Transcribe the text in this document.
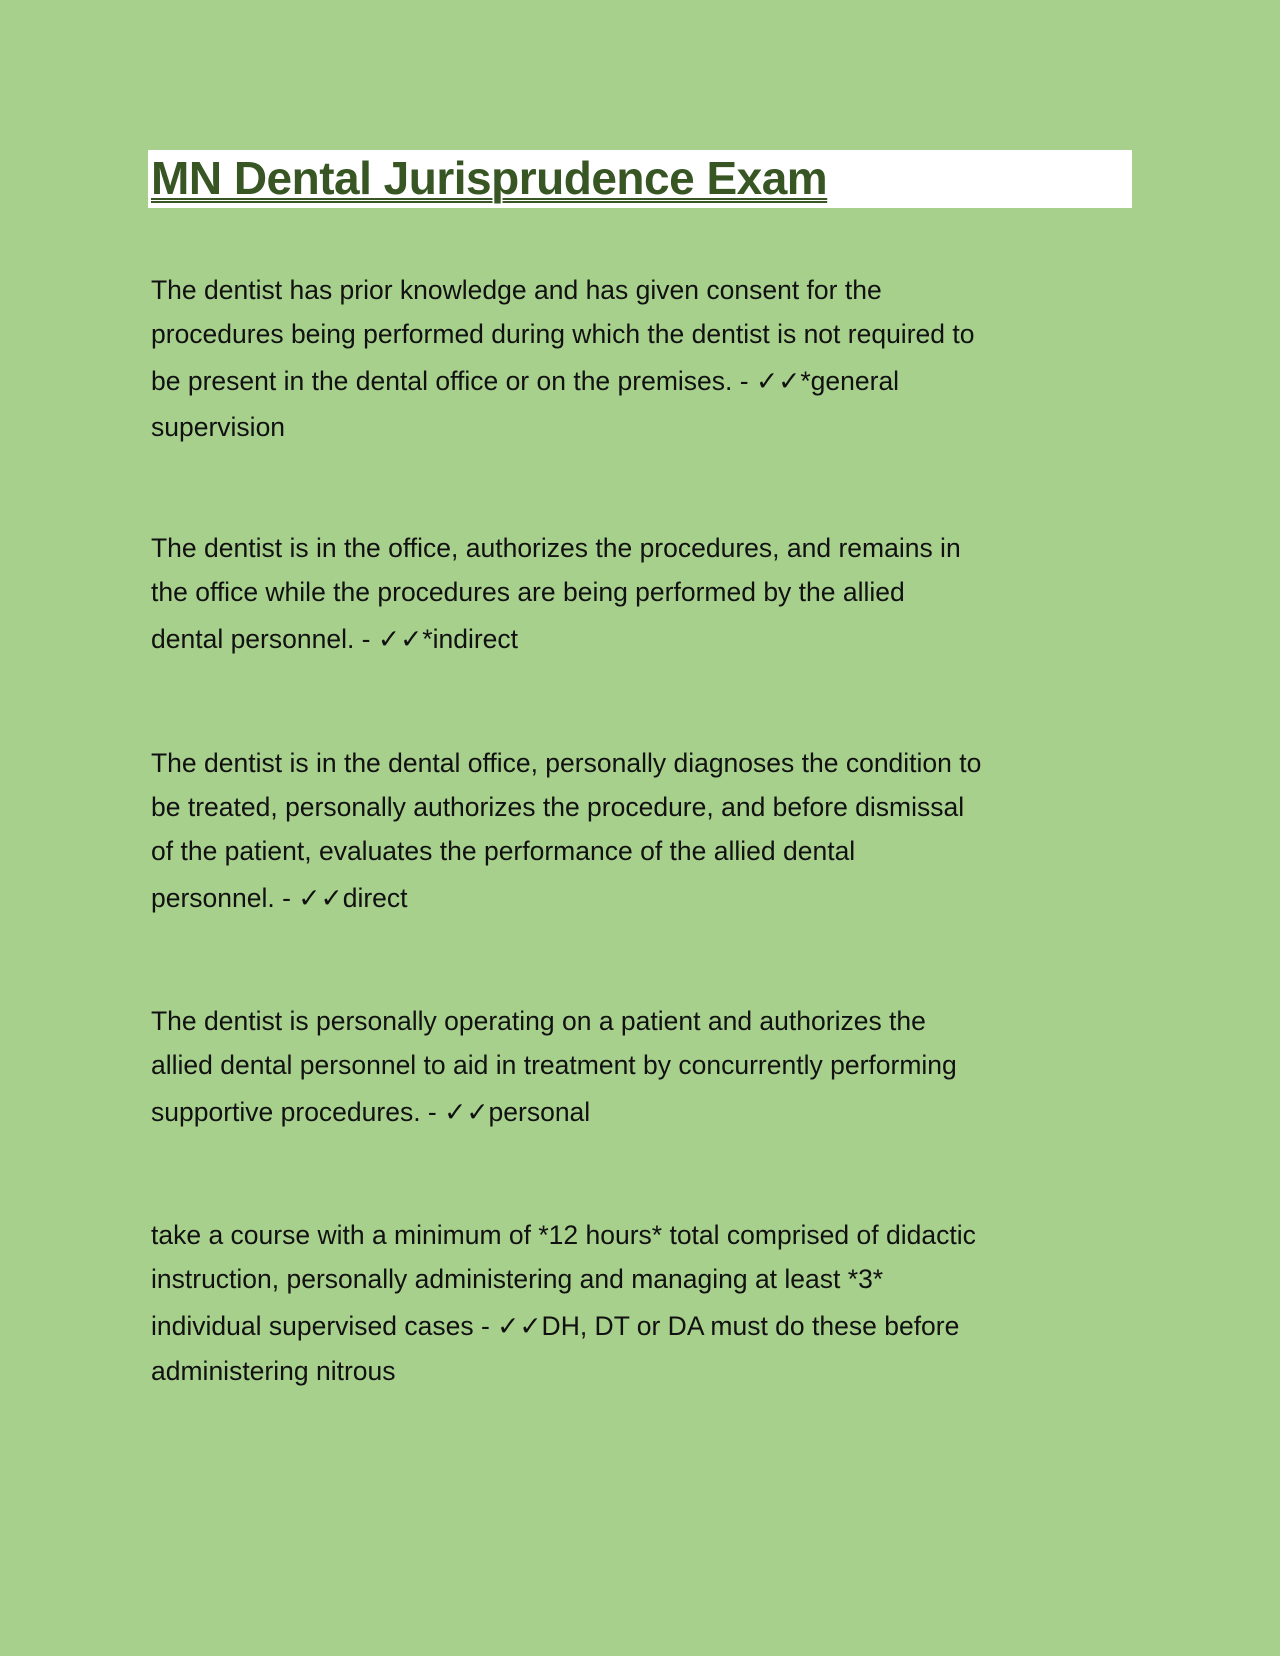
MN Dental Jurisprudence Exam
The dentist has prior knowledge and has given consent for the
procedures being performed during which the dentist is not required to
be present in the dental office or on the premises. - ✓✓*general
supervision
The dentist is in the office, authorizes the procedures, and remains in
the office while the procedures are being performed by the allied
dental personnel. - ✓✓*indirect
The dentist is in the dental office, personally diagnoses the condition to
be treated, personally authorizes the procedure, and before dismissal
of the patient, evaluates the performance of the allied dental
personnel. - ✓✓direct
The dentist is personally operating on a patient and authorizes the
allied dental personnel to aid in treatment by concurrently performing
supportive procedures. - ✓✓personal
take a course with a minimum of *12 hours* total comprised of didactic
instruction, personally administering and managing at least *3*
individual supervised cases - ✓✓DH, DT or DA must do these before
administering nitrous
